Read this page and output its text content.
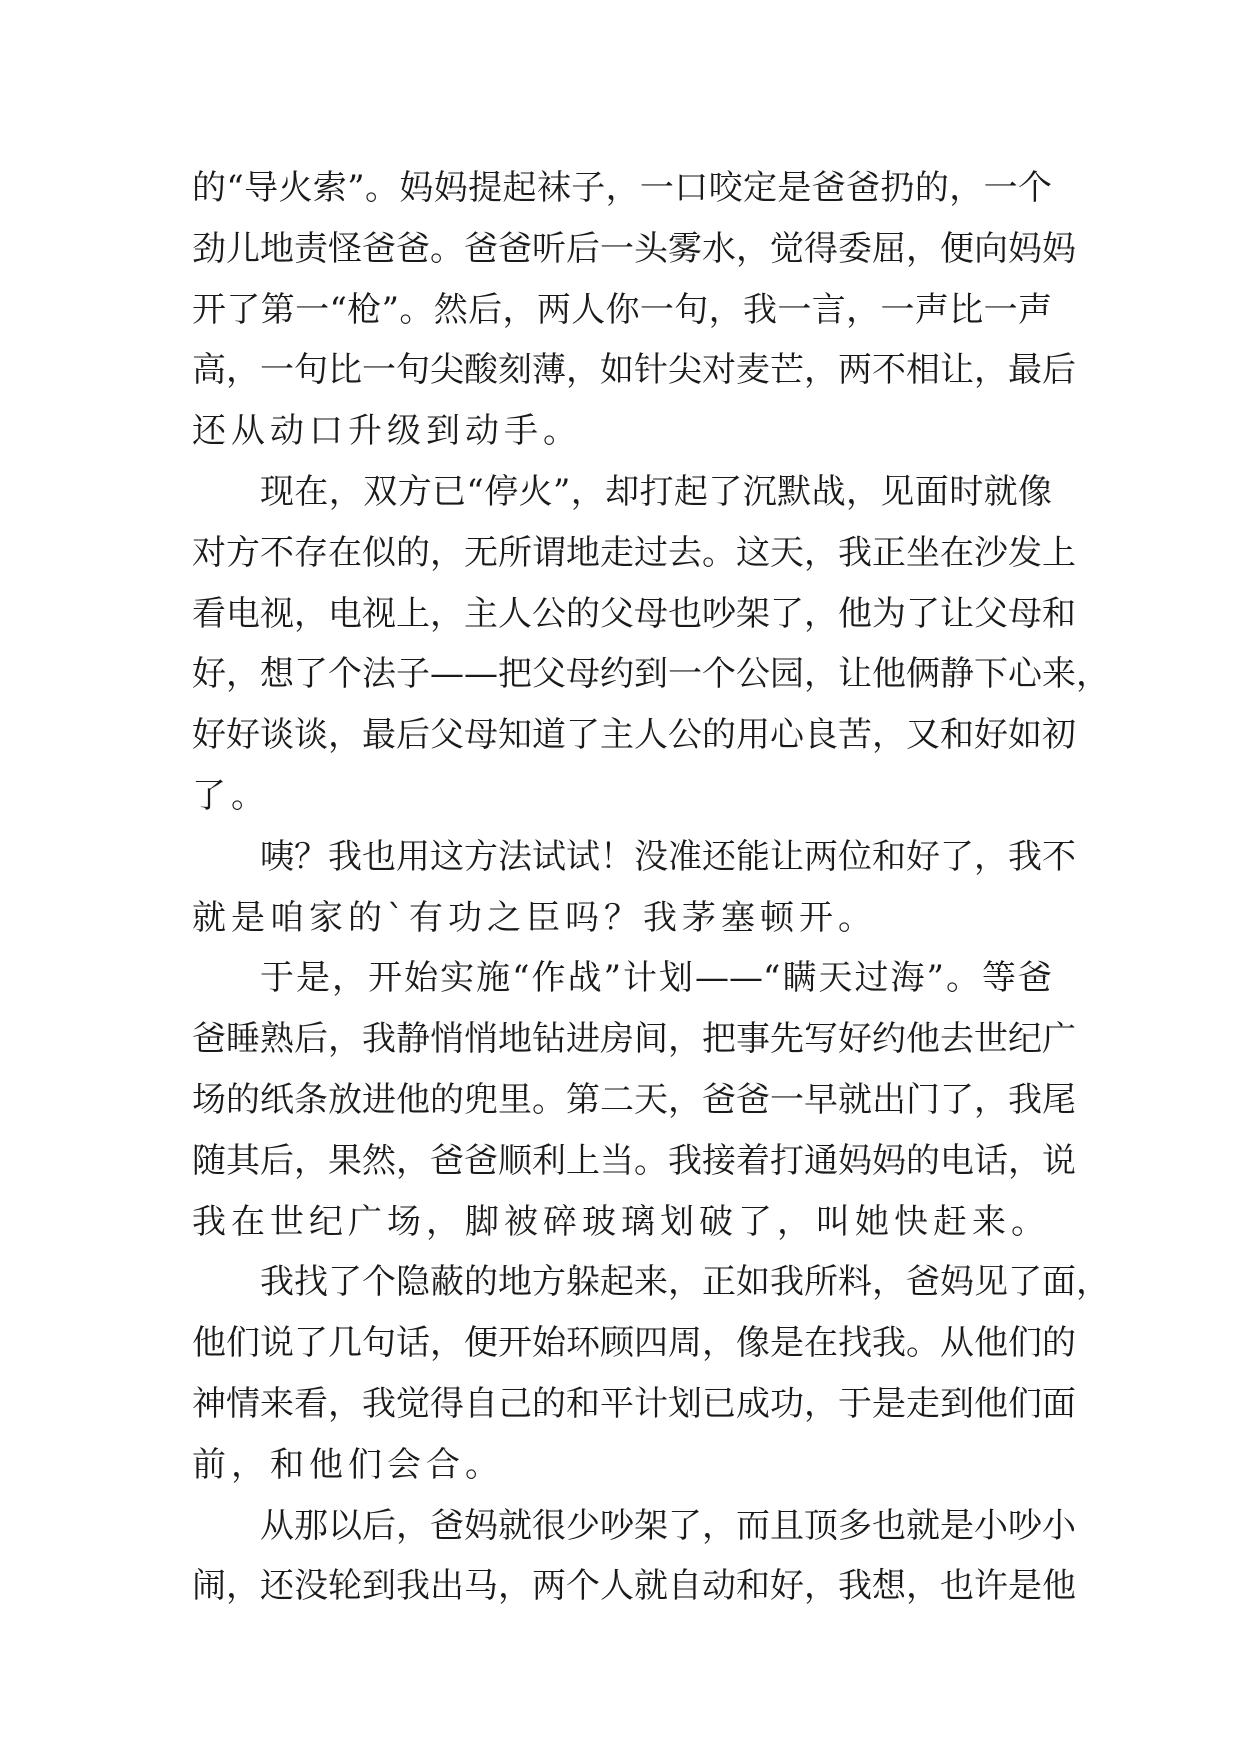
的“导火索”。妈妈提起袜子，一口咬定是爸爸扔的，一个
劲儿地责怪爸爸。爸爸听后一头雾水，觉得委屈，便向妈妈
开了第一“枪”。然后，两人你一句，我一言，一声比一声
高，一句比一句尖酸刻薄，如针尖对麦芒，两不相让，最后
还从动口升级到动手。
现在，双方已“停火”，却打起了沉默战，见面时就像
对方不存在似的，无所谓地走过去。这天，我正坐在沙发上
看电视，电视上，主人公的父母也吵架了，他为了让父母和
好，想了个法子——把父母约到一个公园，让他俩静下心来，
好好谈谈，最后父母知道了主人公的用心良苦，又和好如初
了。
咦？我也用这方法试试！没准还能让两位和好了，我不
就是咱家的`有功之臣吗？我茅塞顿开。
于是，开始实施“作战”计划——“瞒天过海”。等爸
爸睡熟后，我静悄悄地钻进房间，把事先写好约他去世纪广
场的纸条放进他的兜里。第二天，爸爸一早就出门了，我尾
随其后，果然，爸爸顺利上当。我接着打通妈妈的电话，说
我在世纪广场，脚被碎玻璃划破了，叫她快赶来。
我找了个隐蔽的地方躲起来，正如我所料，爸妈见了面，
他们说了几句话，便开始环顾四周，像是在找我。从他们的
神情来看，我觉得自己的和平计划已成功，于是走到他们面
前，和他们会合。
从那以后，爸妈就很少吵架了，而且顶多也就是小吵小
闹，还没轮到我出马，两个人就自动和好，我想，也许是他
